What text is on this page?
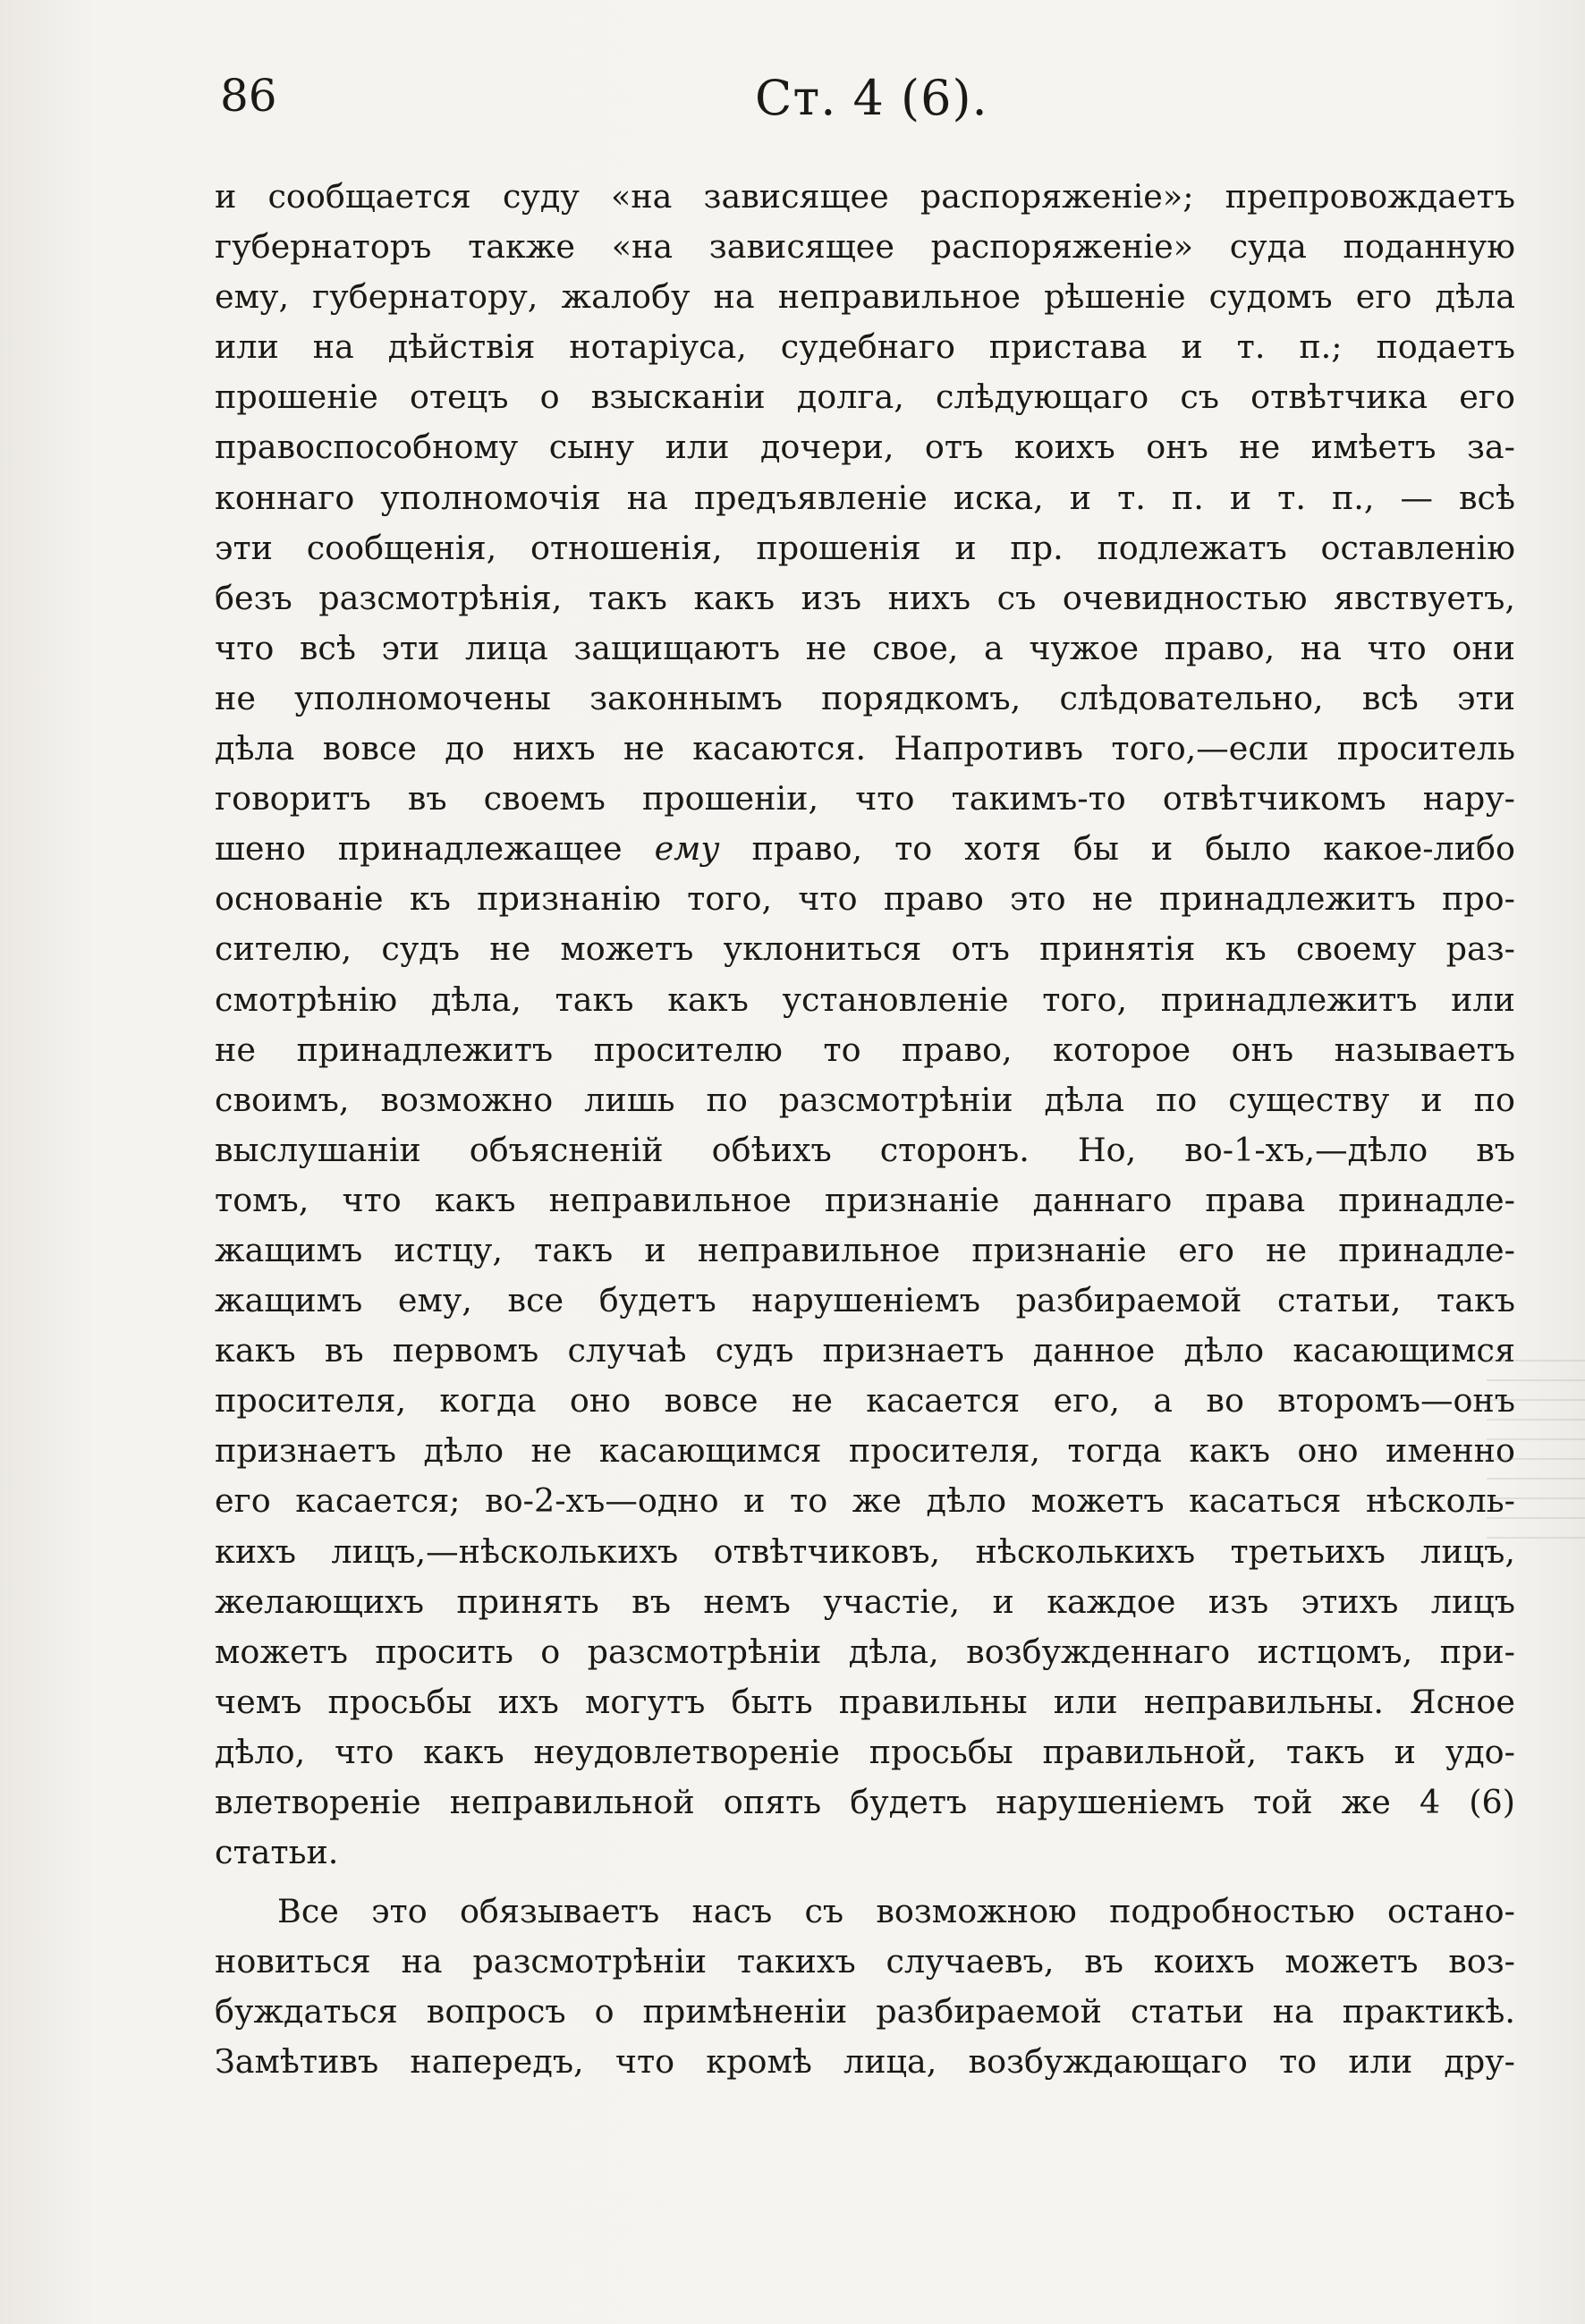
86	Ст. 4 (6).
и сообщается суду «на зависящее распоряженіе»; препровождаетъ
губернаторъ также «на зависящее распоряженіе» суда поданную
ему, губернатору, жалобу на неправильное рѣшеніе судомъ его дѣла
или на дѣйствія нотаріуса, судебнаго пристава и т. п.; подаетъ
прошеніе отецъ о взысканіи долга, слѣдующаго съ отвѣтчика его
правоспособному сыну или дочери, отъ коихъ онъ не имѣетъ за-
коннаго уполномочія на предъявленіе иска, и т. п. и т. п., — всѣ
эти сообщенія, отношенія, прошенія и пр. подлежатъ оставленію
безъ разсмотрѣнія, такъ какъ изъ нихъ съ очевидностью явствуетъ,
что всѣ эти лица защищаютъ не свое, а чужое право, на что они
не уполномочены законнымъ порядкомъ, слѣдовательно, всѣ эти
дѣла вовсе до нихъ не касаются. Напротивъ того,—если проситель
говоритъ въ своемъ прошеніи, что такимъ-то отвѣтчикомъ нару-
шено принадлежащее ему право, то хотя бы и было какое-либо
основаніе къ признанію того, что право это не принадлежитъ про-
сителю, судъ не можетъ уклониться отъ принятія къ своему раз-
смотрѣнію дѣла, такъ какъ установленіе того, принадлежитъ или
не принадлежитъ просителю то право, которое онъ называетъ
своимъ, возможно лишь по разсмотрѣніи дѣла по существу и по
выслушаніи объясненій обѣихъ сторонъ. Но, во-1-хъ,—дѣло въ
томъ, что какъ неправильное признаніе даннаго права принадле-
жащимъ истцу, такъ и неправильное признаніе его не принадле-
жащимъ ему, все будетъ нарушеніемъ разбираемой статьи, такъ
какъ въ первомъ случаѣ судъ признаетъ данное дѣло касающимся
просителя, когда оно вовсе не касается его, а во второмъ—онъ
признаетъ дѣло не касающимся просителя, тогда какъ оно именно
его касается; во-2-хъ—одно и то же дѣло можетъ касаться нѣсколь-
кихъ лицъ,—нѣсколькихъ отвѣтчиковъ, нѣсколькихъ третьихъ лицъ,
желающихъ принять въ немъ участіе, и каждое изъ этихъ лицъ
можетъ просить о разсмотрѣніи дѣла, возбужденнаго истцомъ, при-
чемъ просьбы ихъ могутъ быть правильны или неправильны. Ясное
дѣло, что какъ неудовлетвореніе просьбы правильной, такъ и удо-
влетвореніе неправильной опять будетъ нарушеніемъ той же 4 (6)
статьи.
Все это обязываетъ насъ съ возможною подробностью остано-
новиться на разсмотрѣніи такихъ случаевъ, въ коихъ можетъ воз-
буждаться вопросъ о примѣненіи разбираемой статьи на практикѣ.
Замѣтивъ напередъ, что кромѣ лица, возбуждающаго то или дру-
